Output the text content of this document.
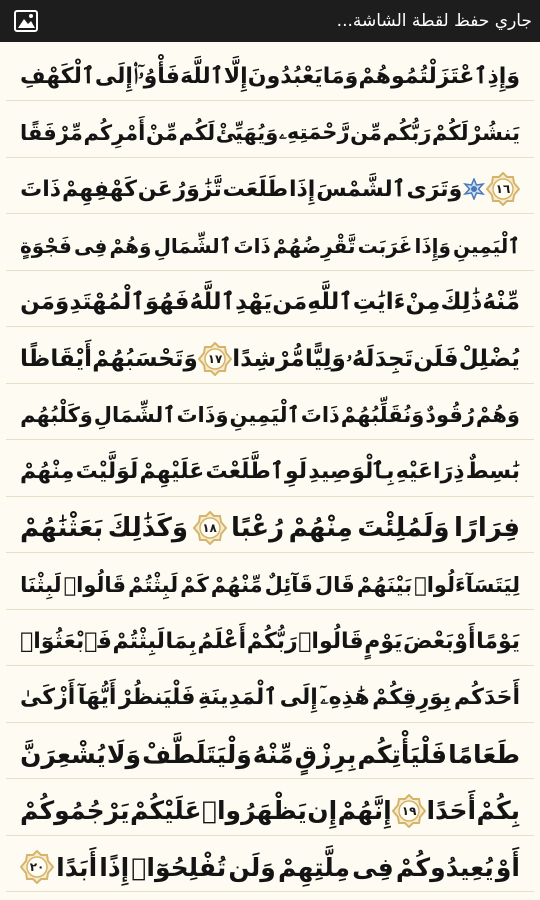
جاري حفظ لقطة الشاشة...
وَإِذِ
ٱعْتَزَلْتُمُوهُمْ
وَمَا
يَعْبُدُونَ
إِلَّا
ٱللَّهَ
فَأْوُۥٓا۟
إِلَى
ٱلْكَهْفِ
يَنشُرْ
لَكُمْ
رَبُّكُم
مِّن
رَّحْمَتِهِۦ
وَيُهَيِّئْ
لَكُم
مِّنْ
أَمْرِكُم
مِّرْفَقًا
١٦
وَتَرَى
ٱلشَّمْسَ
إِذَا
طَلَعَت
تَّزَٰوَرُ
عَن
كَهْفِهِمْ
ذَاتَ
ٱلْيَمِينِ
وَإِذَا
غَرَبَت
تَّقْرِضُهُمْ
ذَاتَ
ٱلشِّمَالِ
وَهُمْ
فِى
فَجْوَةٍ
مِّنْهُ
ذَٰلِكَ
مِنْ
ءَايَٰتِ
ٱللَّهِ
مَن
يَهْدِ
ٱللَّهُ
فَهُوَ
ٱلْمُهْتَدِ
وَمَن
يُضْلِلْ
فَلَن
تَجِدَ
لَهُۥ
وَلِيًّا
مُّرْشِدًا
١٧
وَتَحْسَبُهُمْ
أَيْقَاظًا
وَهُمْ
رُقُودٌ
وَنُقَلِّبُهُمْ
ذَاتَ
ٱلْيَمِينِ
وَذَاتَ
ٱلشِّمَالِ
وَكَلْبُهُم
بَٰسِطٌ
ذِرَاعَيْهِ
بِٱلْوَصِيدِ
لَوِ
ٱطَّلَعْتَ
عَلَيْهِمْ
لَوَلَّيْتَ
مِنْهُمْ
فِرَارًا
وَلَمُلِئْتَ
مِنْهُمْ
رُعْبًا
١٨
وَكَذَٰلِكَ
بَعَثْنَٰهُمْ
لِيَتَسَآءَلُوا۟
بَيْنَهُمْ
قَالَ
قَآئِلٌ
مِّنْهُمْ
كَمْ
لَبِثْتُمْ
قَالُوا۟
لَبِثْنَا
يَوْمًا
أَوْ
بَعْضَ
يَوْمٍ
قَالُوا۟
رَبُّكُمْ
أَعْلَمُ
بِمَا
لَبِثْتُمْ
فَٱبْعَثُوٓا۟
أَحَدَكُم
بِوَرِقِكُمْ
هَٰذِهِۦٓ
إِلَى
ٱلْمَدِينَةِ
فَلْيَنظُرْ
أَيُّهَآ
أَزْكَىٰ
طَعَامًا
فَلْيَأْتِكُم
بِرِزْقٍ
مِّنْهُ
وَلْيَتَلَطَّفْ
وَلَا
يُشْعِرَنَّ
بِكُمْ
أَحَدًا
١٩
إِنَّهُمْ
إِن
يَظْهَرُوا۟
عَلَيْكُمْ
يَرْجُمُوكُمْ
أَوْ
يُعِيدُوكُمْ
فِى
مِلَّتِهِمْ
وَلَن
تُفْلِحُوٓا۟
إِذًا
أَبَدًا
٢٠
